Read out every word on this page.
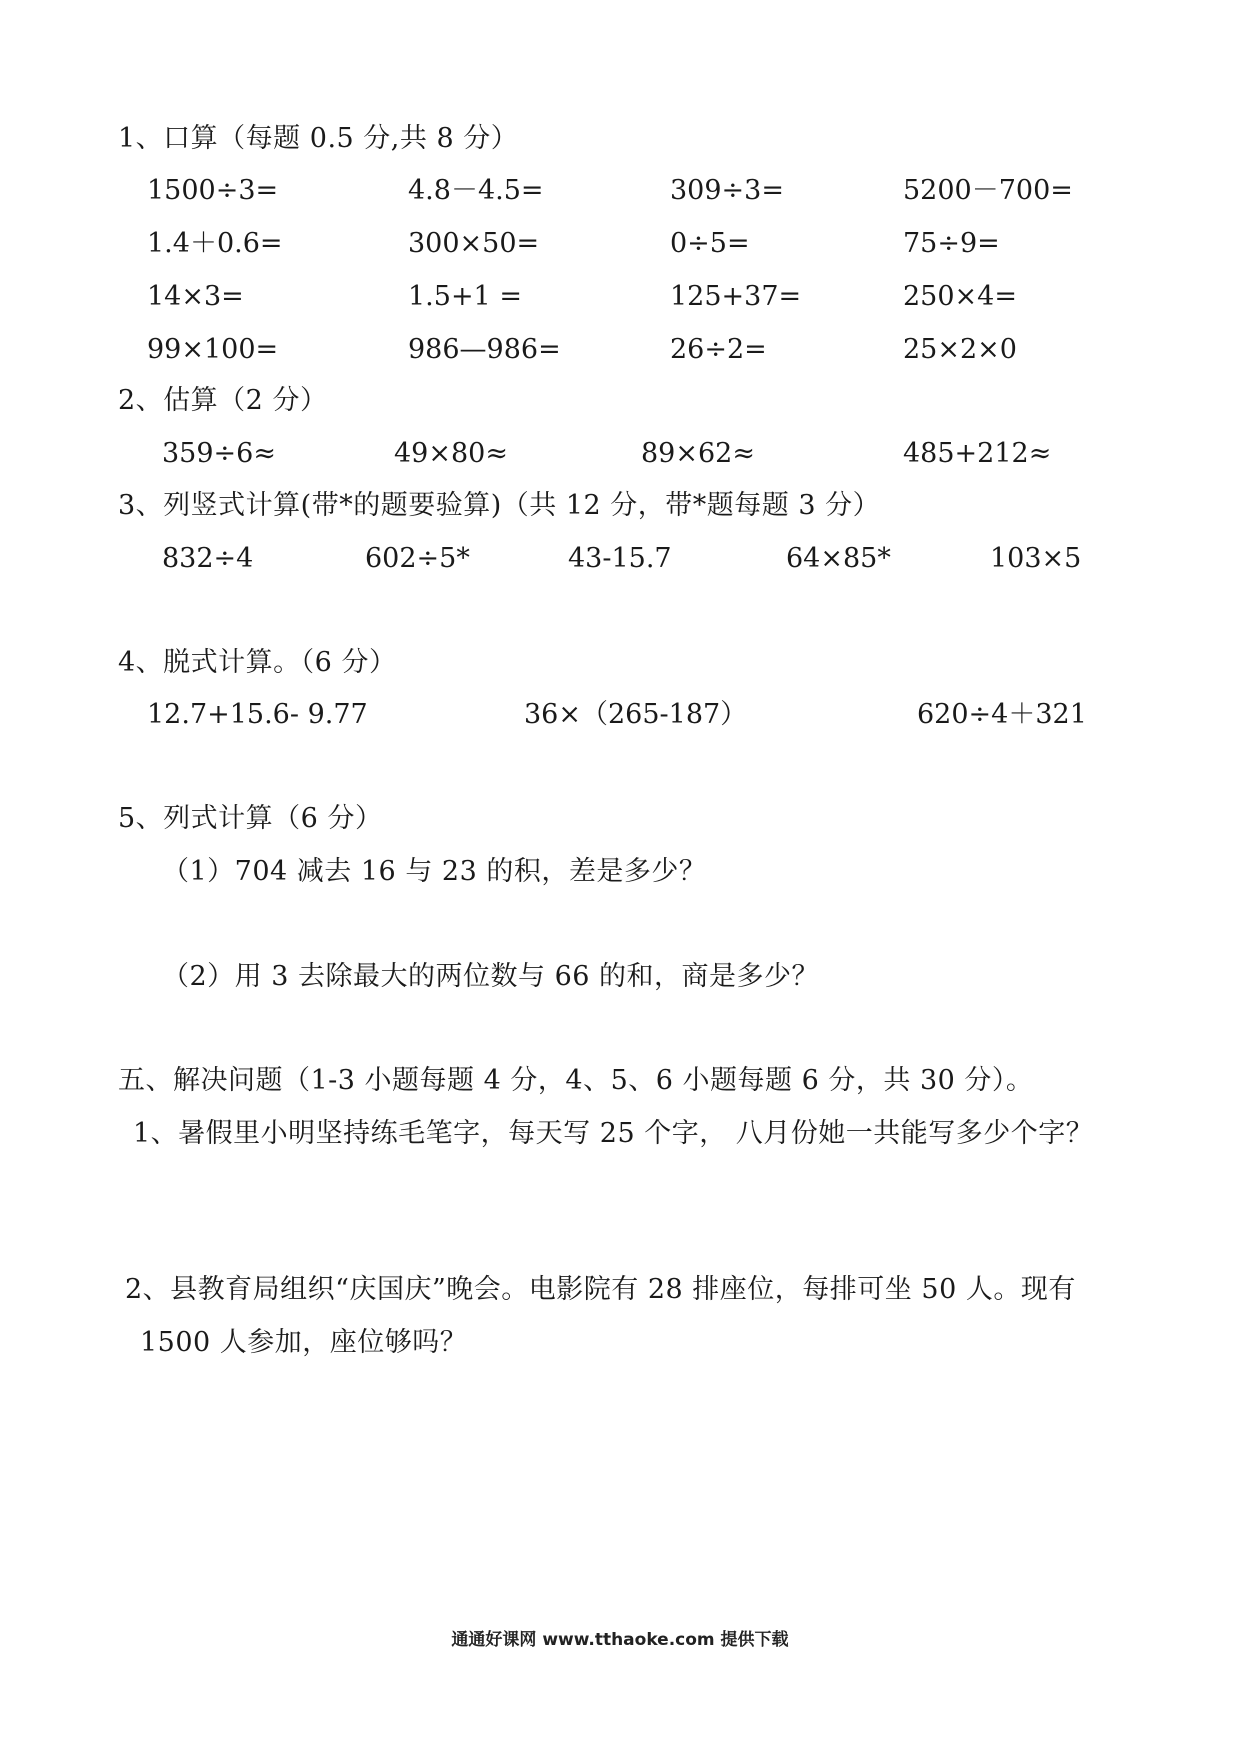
1、口算（每题 0.5 分,共 8 分）
1500÷3=	4.8－4.5=	309÷3=	5200－700=
1.4＋0.6=	300×50=	0÷5=	75÷9=
14×3=	1.5+1 =	125+37=	250×4=
99×100=	986—986=	26÷2=	25×2×0
2、估算（2 分）
359÷6≈	49×80≈	89×62≈	485+212≈
3、列竖式计算(带*的题要验算)（共 12 分，带*题每题 3 分）
832÷4	602÷5*	43-15.7	64×85*	103×5
4、脱式计算。（6 分）
12.7+15.6- 9.77	36×（265-187）	620÷4＋321
5、列式计算（6 分）
（1）704 减去 16 与 23 的积，差是多少？
（2）用 3 去除最大的两位数与 66 的和，商是多少？
五、解决问题（1-3 小题每题 4 分，4、5、6 小题每题 6 分，共 30 分）。
1、暑假里小明坚持练毛笔字，每天写 25 个字， 八月份她一共能写多少个字？
2、县教育局组织“庆国庆”晚会。电影院有 28 排座位，每排可坐 50 人。现有
1500 人参加，座位够吗？
通通好课网 www.tthaoke.com 提供下载
